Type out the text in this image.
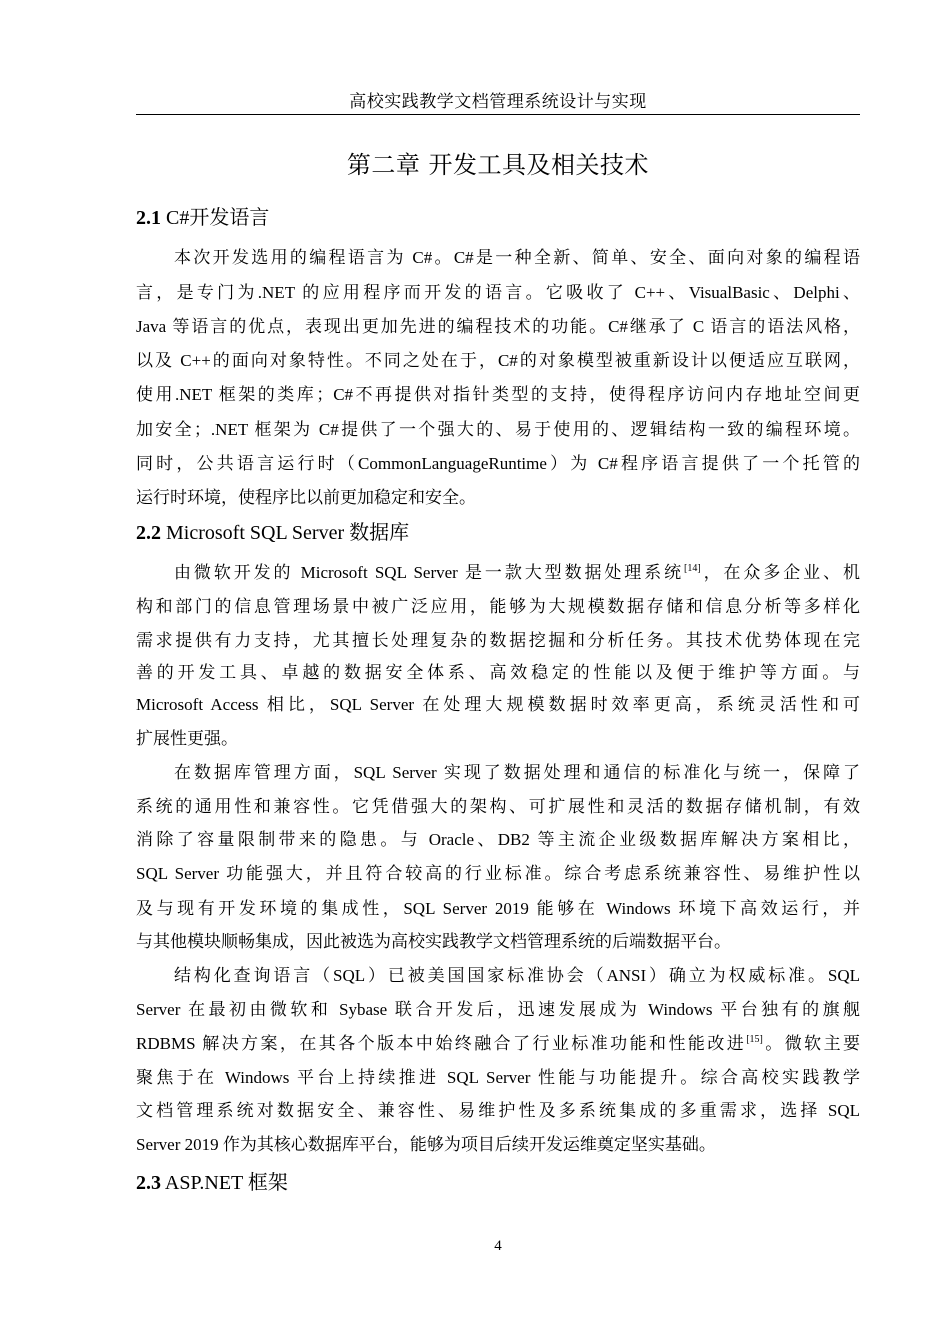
高校实践教学文档管理系统设计与实现
第二章 开发工具及相关技术
2.1 C#开发语言
本次开发选用的编程语言为 C#。C#是一种全新、简单、安全、面向对象的编程语
言，是专门为.NET 的应用程序而开发的语言。它吸收了 C++、VisualBasic、Delphi、
Java 等语言的优点，表现出更加先进的编程技术的功能。C#继承了 C 语言的语法风格，
以及 C++的面向对象特性。不同之处在于，C#的对象模型被重新设计以便适应互联网，
使用.NET 框架的类库；C#不再提供对指针类型的支持，使得程序访问内存地址空间更
加安全；.NET 框架为 C#提供了一个强大的、易于使用的、逻辑结构一致的编程环境。
同时，公共语言运行时（CommonLanguageRuntime）为 C#程序语言提供了一个托管的
运行时环境，使程序比以前更加稳定和安全。
2.2 Microsoft SQL Server 数据库
由微软开发的 Microsoft SQL Server 是一款大型数据处理系统[14]，在众多企业、机
构和部门的信息管理场景中被广泛应用，能够为大规模数据存储和信息分析等多样化
需求提供有力支持，尤其擅长处理复杂的数据挖掘和分析任务。其技术优势体现在完
善的开发工具、卓越的数据安全体系、高效稳定的性能以及便于维护等方面。与
Microsoft Access 相比，SQL Server 在处理大规模数据时效率更高，系统灵活性和可
扩展性更强。
在数据库管理方面，SQL Server 实现了数据处理和通信的标准化与统一，保障了
系统的通用性和兼容性。它凭借强大的架构、可扩展性和灵活的数据存储机制，有效
消除了容量限制带来的隐患。与 Oracle、DB2 等主流企业级数据库解决方案相比，
SQL Server 功能强大，并且符合较高的行业标准。综合考虑系统兼容性、易维护性以
及与现有开发环境的集成性，SQL Server 2019 能够在 Windows 环境下高效运行，并
与其他模块顺畅集成，因此被选为高校实践教学文档管理系统的后端数据平台。
结构化查询语言（SQL）已被美国国家标准协会（ANSI）确立为权威标准。SQL
Server 在最初由微软和 Sybase 联合开发后，迅速发展成为 Windows 平台独有的旗舰
RDBMS 解决方案，在其各个版本中始终融合了行业标准功能和性能改进[15]。微软主要
聚焦于在 Windows 平台上持续推进 SQL Server 性能与功能提升。综合高校实践教学
文档管理系统对数据安全、兼容性、易维护性及多系统集成的多重需求，选择 SQL
Server 2019 作为其核心数据库平台，能够为项目后续开发运维奠定坚实基础。
2.3 ASP.NET 框架
4
